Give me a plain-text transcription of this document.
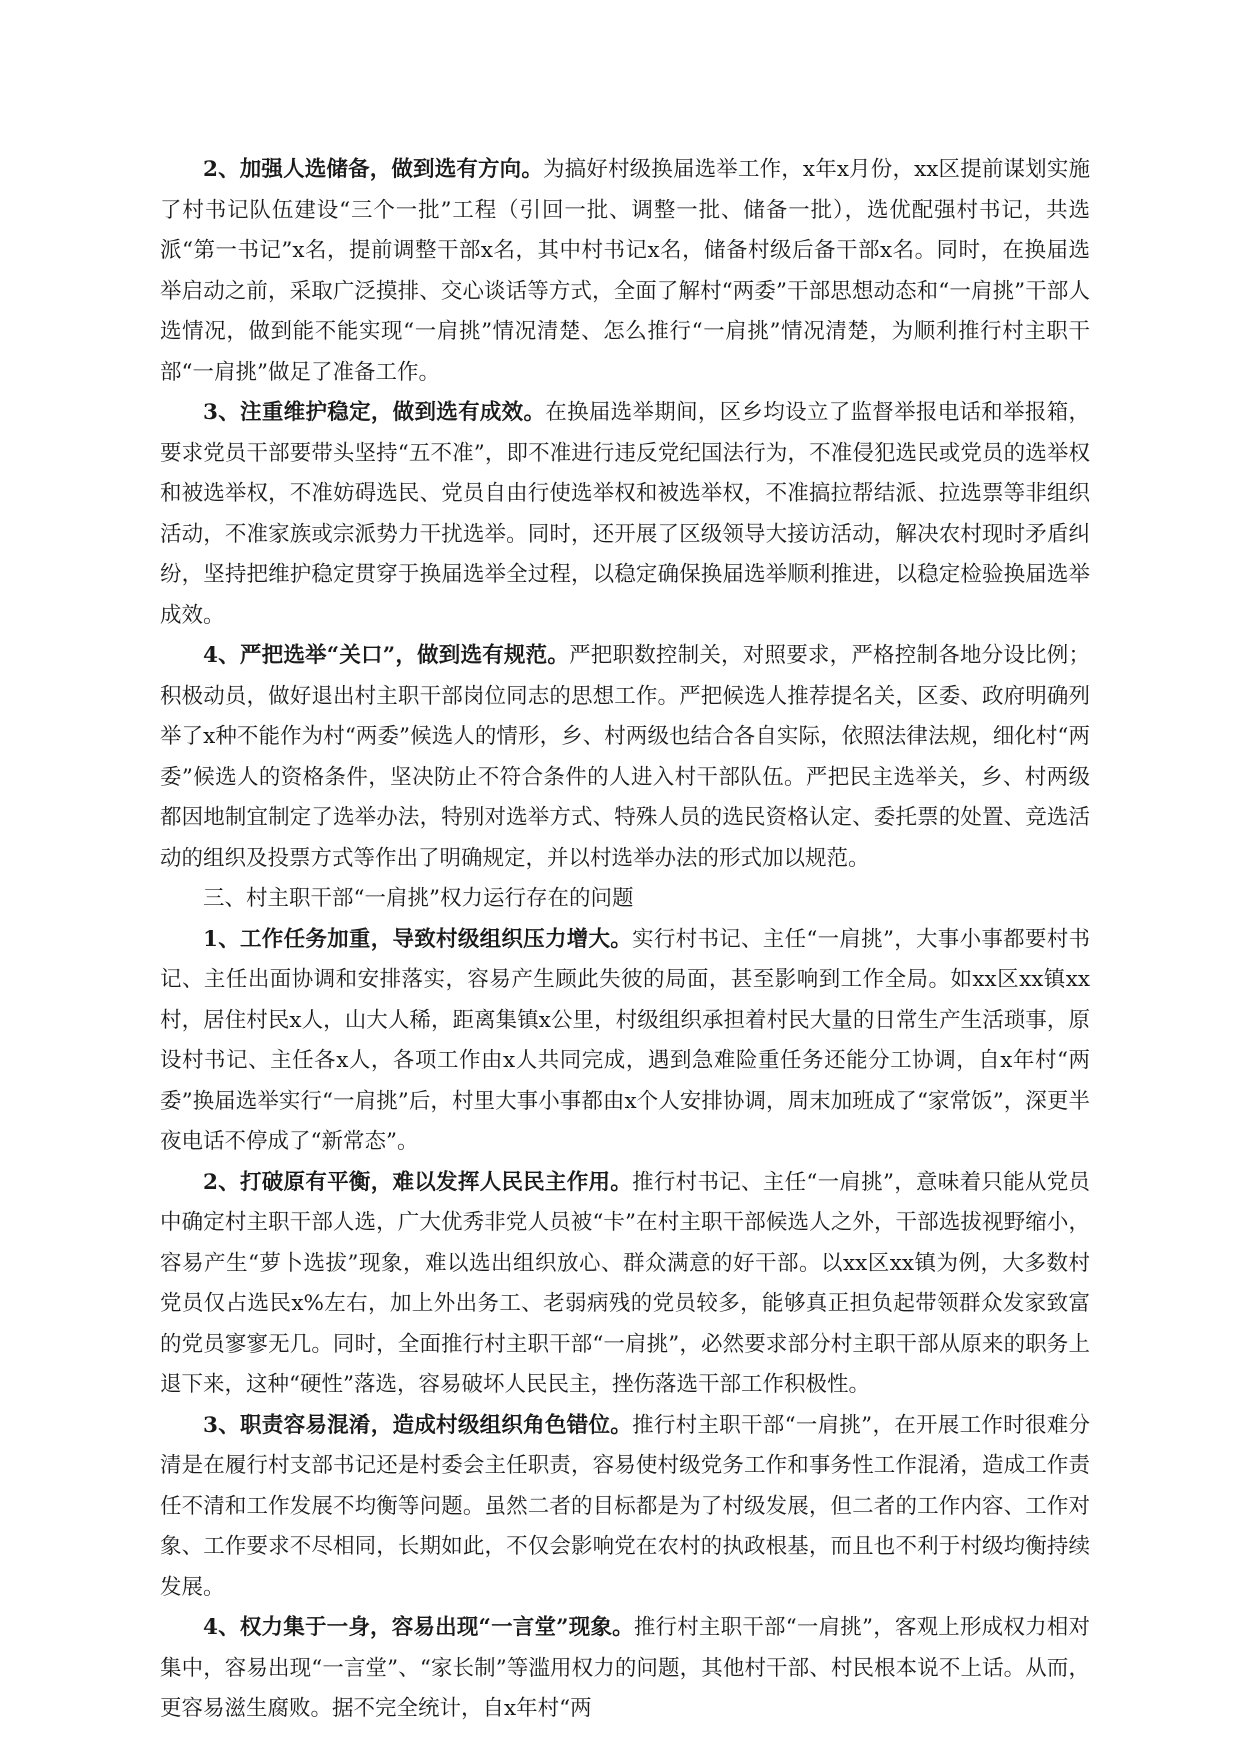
2、加强人选储备，做到选有方向。为搞好村级换届选举工作，x年x月份，xx区提前谋划实施了村书记队伍建设“三个一批”工程（引回一批、调整一批、储备一批），选优配强村书记，共选派“第一书记”x名，提前调整干部x名，其中村书记x名，储备村级后备干部x名。同时，在换届选举启动之前，采取广泛摸排、交心谈话等方式，全面了解村“两委”干部思想动态和“一肩挑”干部人选情况，做到能不能实现“一肩挑”情况清楚、怎么推行“一肩挑”情况清楚，为顺利推行村主职干部“一肩挑”做足了准备工作。

3、注重维护稳定，做到选有成效。在换届选举期间，区乡均设立了监督举报电话和举报箱，要求党员干部要带头坚持“五不准”，即不准进行违反党纪国法行为，不准侵犯选民或党员的选举权和被选举权，不准妨碍选民、党员自由行使选举权和被选举权，不准搞拉帮结派、拉选票等非组织活动，不准家族或宗派势力干扰选举。同时，还开展了区级领导大接访活动，解决农村现时矛盾纠纷，坚持把维护稳定贯穿于换届选举全过程，以稳定确保换届选举顺利推进，以稳定检验换届选举成效。

4、严把选举“关口”，做到选有规范。严把职数控制关，对照要求，严格控制各地分设比例；积极动员，做好退出村主职干部岗位同志的思想工作。严把候选人推荐提名关，区委、政府明确列举了x种不能作为村“两委”候选人的情形，乡、村两级也结合各自实际，依照法律法规，细化村“两委”候选人的资格条件，坚决防止不符合条件的人进入村干部队伍。严把民主选举关，乡、村两级都因地制宜制定了选举办法，特别对选举方式、特殊人员的选民资格认定、委托票的处置、竞选活动的组织及投票方式等作出了明确规定，并以村选举办法的形式加以规范。

三、村主职干部“一肩挑”权力运行存在的问题

1、工作任务加重，导致村级组织压力增大。实行村书记、主任“一肩挑”，大事小事都要村书记、主任出面协调和安排落实，容易产生顾此失彼的局面，甚至影响到工作全局。如xx区xx镇xx村，居住村民x人，山大人稀，距离集镇x公里，村级组织承担着村民大量的日常生产生活琐事，原设村书记、主任各x人，各项工作由x人共同完成，遇到急难险重任务还能分工协调，自x年村“两委”换届选举实行“一肩挑”后，村里大事小事都由x个人安排协调，周末加班成了“家常饭”，深更半夜电话不停成了“新常态”。

2、打破原有平衡，难以发挥人民民主作用。推行村书记、主任“一肩挑”，意味着只能从党员中确定村主职干部人选，广大优秀非党人员被“卡”在村主职干部候选人之外，干部选拔视野缩小，容易产生“萝卜选拔”现象，难以选出组织放心、群众满意的好干部。以xx区xx镇为例，大多数村党员仅占选民x%左右，加上外出务工、老弱病残的党员较多，能够真正担负起带领群众发家致富的党员寥寥无几。同时，全面推行村主职干部“一肩挑”，必然要求部分村主职干部从原来的职务上退下来，这种“硬性”落选，容易破坏人民民主，挫伤落选干部工作积极性。

3、职责容易混淆，造成村级组织角色错位。推行村主职干部“一肩挑”，在开展工作时很难分清是在履行村支部书记还是村委会主任职责，容易使村级党务工作和事务性工作混淆，造成工作责任不清和工作发展不均衡等问题。虽然二者的目标都是为了村级发展，但二者的工作内容、工作对象、工作要求不尽相同，长期如此，不仅会影响党在农村的执政根基，而且也不利于村级均衡持续发展。

4、权力集于一身，容易出现“一言堂”现象。推行村主职干部“一肩挑”，客观上形成权力相对集中，容易出现“一言堂”、“家长制”等滥用权力的问题，其他村干部、村民根本说不上话。从而，更容易滋生腐败。据不完全统计，自x年村“两
